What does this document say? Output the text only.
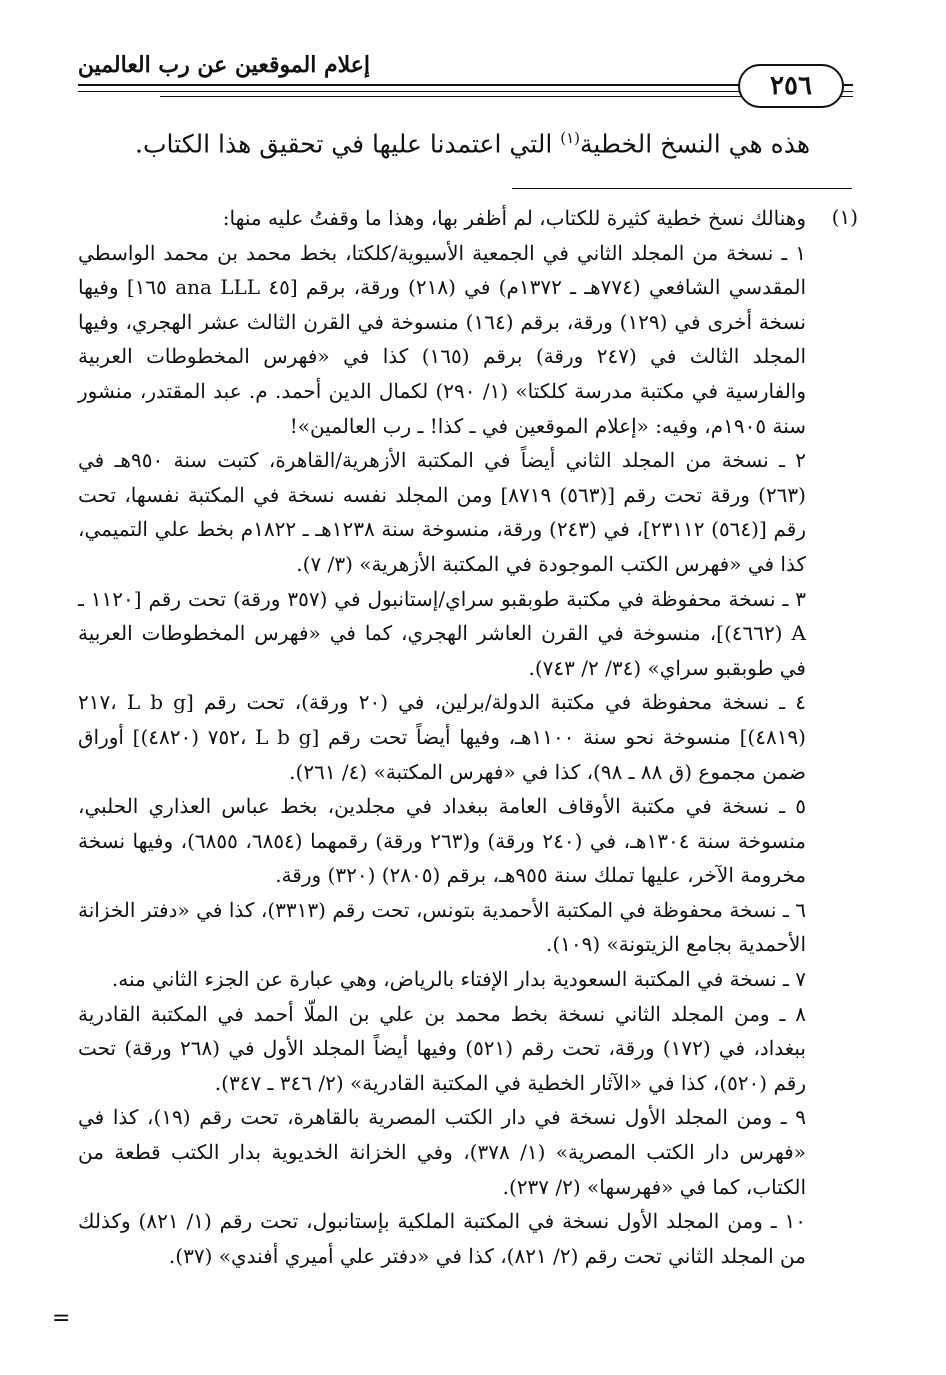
إعلام الموقعين عن رب العالمين
٢٥٦
هذه هي النسخ الخطية$^{(١)}$ التي اعتمدنا عليها في تحقيق هذا الكتاب.
(١)

وهنالك نسخ خطية كثيرة للكتاب، لم أظفر بها، وهذا ما وقفتُ عليه منها:

١ ـ نسخة من المجلد الثاني في الجمعية الأسيوية/كلكتا، بخط محمد بن محمد الواسطي المقدسي الشافعي (٧٧٤هـ ـ ١٣٧٢م) في (٢١٨) ورقة، برقم [٤٥ ana LLL ١٦٥] وفيها نسخة أخرى في (١٢٩) ورقة، برقم (١٦٤) منسوخة في القرن الثالث عشر الهجري، وفيها المجلد الثالث في (٢٤٧ ورقة) برقم (١٦٥) كذا في «فهرس المخطوطات العربية والفارسية في مكتبة مدرسة كلكتا» (١/ ٢٩٠) لكمال الدين أحمد. م. عبد المقتدر، منشور سنة ١٩٠٥م، وفيه: «إعلام الموقعين في ـ كذا! ـ رب العالمين»!

٢ ـ نسخة من المجلد الثاني أيضاً في المكتبة الأزهرية/القاهرة، كتبت سنة ٩٥٠هـ في (٢٦٣) ورقة تحت رقم [(٥٦٣) ٨٧١٩] ومن المجلد نفسه نسخة في المكتبة نفسها، تحت رقم [(٥٦٤) ٢٣١١٢]، في (٢٤٣) ورقة، منسوخة سنة ١٢٣٨هـ ـ ١٨٢٢م بخط علي التميمي، كذا في «فهرس الكتب الموجودة في المكتبة الأزهرية» (٣/ ٧).

٣ ـ نسخة محفوظة في مكتبة طوبقبو سراي/إستانبول في (٣٥٧ ورقة) تحت رقم [١١٢٠ ـ A (٤٦٦٢)]، منسوخة في القرن العاشر الهجري، كما في «فهرس المخطوطات العربية في طوبقبو سراي» (٣٤/ ٢/ ٧٤٣).

٤ ـ نسخة محفوظة في مكتبة الدولة/برلين، في (٢٠ ورقة)، تحت رقم [L b g ،٢١٧ (٤٨١٩)] منسوخة نحو سنة ١١٠٠هـ، وفيها أيضاً تحت رقم [L b g ،٧٥٢ (٤٨٢٠)] أوراق ضمن مجموع (ق ٨٨ ـ ٩٨)، كذا في «فهرس المكتبة» (٤/ ٢٦١).

٥ ـ نسخة في مكتبة الأوقاف العامة ببغداد في مجلدين، بخط عباس العذاري الحلبي، منسوخة سنة ١٣٠٤هـ، في (٢٤٠ ورقة) و(٢٦٣ ورقة) رقمهما (٦٨٥٤، ٦٨٥٥)، وفيها نسخة مخرومة الآخر، عليها تملك سنة ٩٥٥هـ، برقم (٢٨٠٥) (٣٢٠) ورقة.

٦ ـ نسخة محفوظة في المكتبة الأحمدية بتونس، تحت رقم (٣٣١٣)، كذا في «دفتر الخزانة الأحمدية بجامع الزيتونة» (١٠٩).

٧ ـ نسخة في المكتبة السعودية بدار الإفتاء بالرياض، وهي عبارة عن الجزء الثاني منه.

٨ ـ ومن المجلد الثاني نسخة بخط محمد بن علي بن الملّا أحمد في المكتبة القادرية ببغداد، في (١٧٢) ورقة، تحت رقم (٥٢١) وفيها أيضاً المجلد الأول في (٢٦٨ ورقة) تحت رقم (٥٢٠)، كذا في «الآثار الخطية في المكتبة القادرية» (٢/ ٣٤٦ ـ ٣٤٧).

٩ ـ ومن المجلد الأول نسخة في دار الكتب المصرية بالقاهرة، تحت رقم (١٩)، كذا في «فهرس دار الكتب المصرية» (١/ ٣٧٨)، وفي الخزانة الخديوية بدار الكتب قطعة من الكتاب، كما في «فهرسها» (٢/ ٢٣٧).

١٠ ـ ومن المجلد الأول نسخة في المكتبة الملكية بإستانبول، تحت رقم (١/ ٨٢١) وكذلك من المجلد الثاني تحت رقم (٢/ ٨٢١)، كذا في «دفتر علي أميري أفندي» (٣٧).

=
